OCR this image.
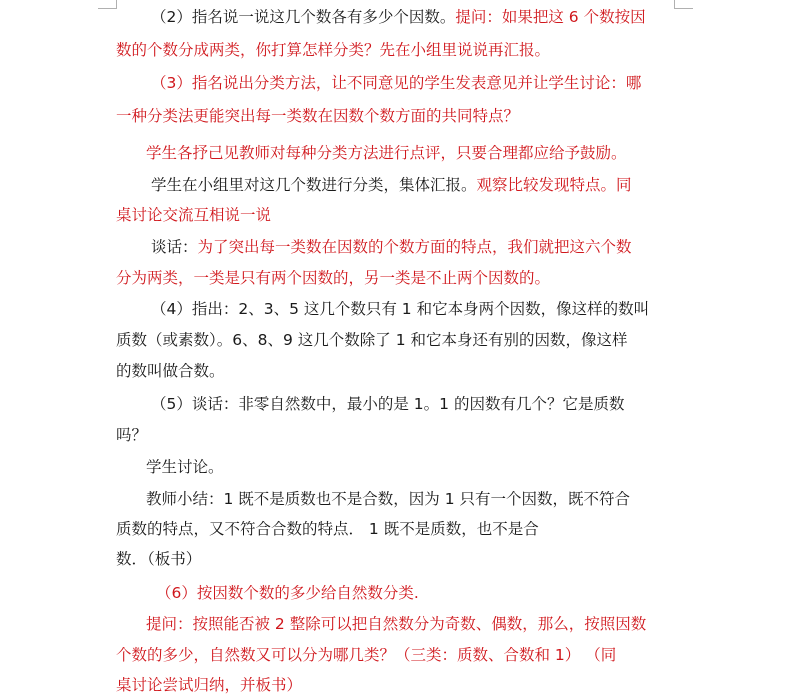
（2）指名说一说这几个数各有多少个因数。提问：如果把这 6 个数按因
数的个数分成两类，你打算怎样分类？先在小组里说说再汇报。
（3）指名说出分类方法，让不同意见的学生发表意见并让学生讨论：哪
一种分类法更能突出每一类数在因数个数方面的共同特点？
学生各抒己见教师对每种分类方法进行点评，只要合理都应给予鼓励。
学生在小组里对这几个数进行分类，集体汇报。观察比较发现特点。同
桌讨论交流互相说一说
谈话：为了突出每一类数在因数的个数方面的特点，我们就把这六个数
分为两类，一类是只有两个因数的，另一类是不止两个因数的。
（4）指出：2、3、5 这几个数只有 1 和它本身两个因数，像这样的数叫
质数（或素数）。6、8、9 这几个数除了 1 和它本身还有别的因数，像这样
的数叫做合数。
（5）谈话：非零自然数中，最小的是 1。1 的因数有几个？它是质数
吗？
学生讨论。
教师小结：1 既不是质数也不是合数，因为 1 只有一个因数，既不符合
质数的特点，又不符合合数的特点． 1 既不是质数，也不是合
数．（板书）
（6）按因数个数的多少给自然数分类.
提问：按照能否被 2 整除可以把自然数分为奇数、偶数，那么，按照因数
个数的多少，自然数又可以分为哪几类？（三类：质数、合数和 1） （同
桌讨论尝试归纳，并板书）
